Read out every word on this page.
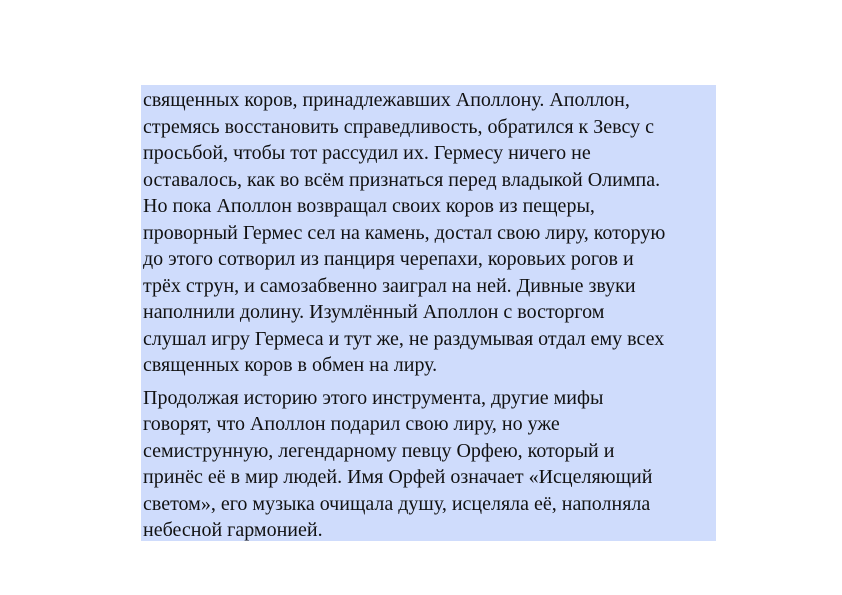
священных коров, принадлежавших Аполлону. Аполлон,
стремясь восстановить справедливость, обратился к Зевсу с
просьбой, чтобы тот рассудил их. Гермесу ничего не
оставалось, как во всём признаться перед владыкой Олимпа.
Но пока Аполлон возвращал своих коров из пещеры,
проворный Гермес сел на камень, достал свою лиру, которую
до этого сотворил из панциря черепахи, коровьих рогов и
трёх струн, и самозабвенно заиграл на ней. Дивные звуки
наполнили долину. Изумлённый Аполлон с восторгом
слушал игру Гермеса и тут же, не раздумывая отдал ему всех
священных коров в обмен на лиру.
Продолжая историю этого инструмента, другие мифы
говорят, что Аполлон подарил свою лиру, но уже
семиструнную, легендарному певцу Орфею, который и
принёс её в мир людей. Имя Орфей означает «Исцеляющий
светом», его музыка очищала душу, исцеляла её, наполняла
небесной гармонией.
